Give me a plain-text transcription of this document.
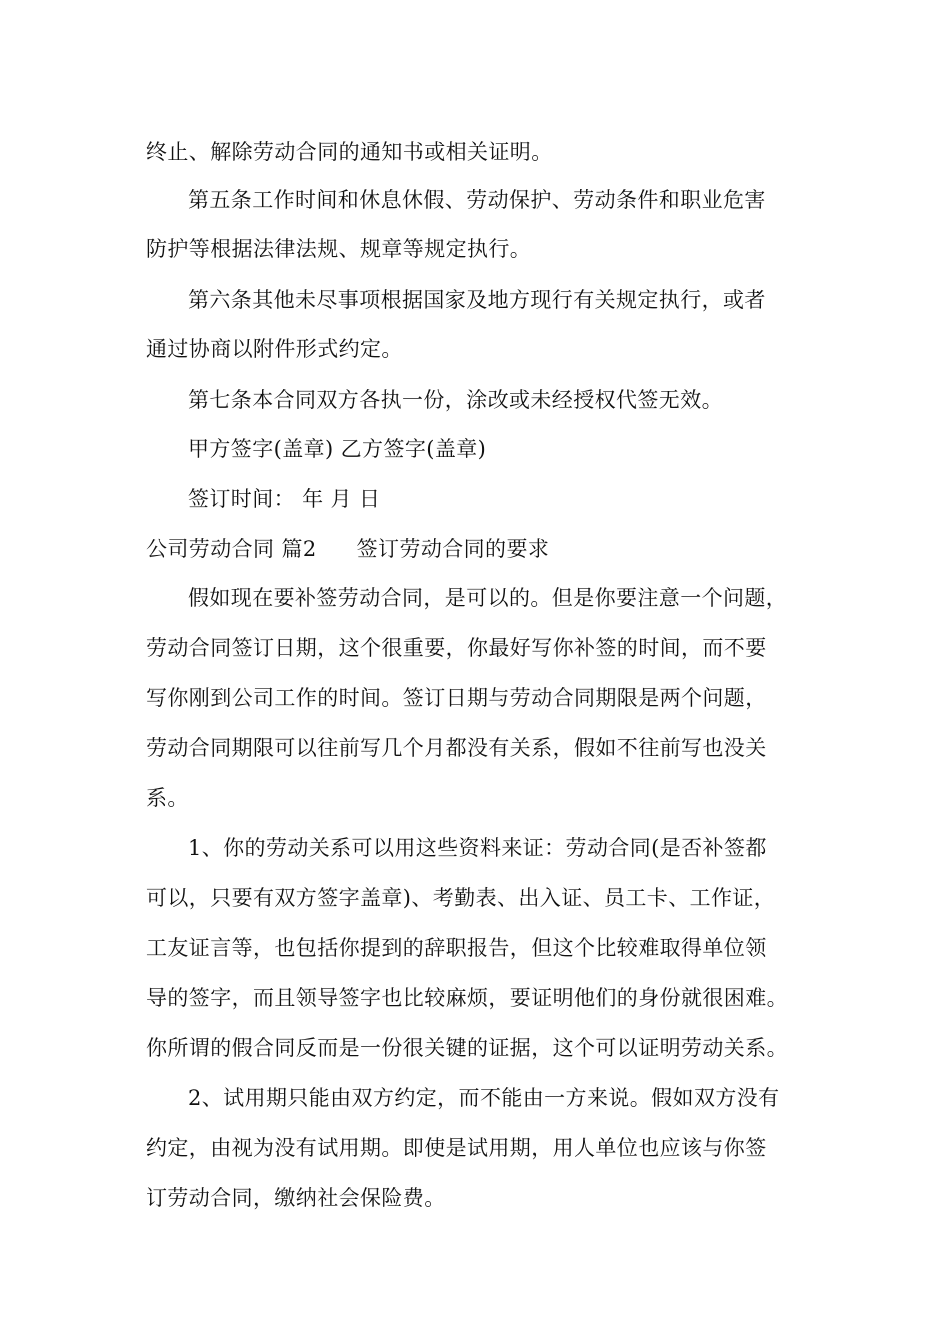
终止、解除劳动合同的通知书或相关证明。
第五条工作时间和休息休假、劳动保护、劳动条件和职业危害
防护等根据法律法规、规章等规定执行。
第六条其他未尽事项根据国家及地方现行有关规定执行，或者
通过协商以附件形式约定。
第七条本合同双方各执一份，涂改或未经授权代签无效。
甲方签字(盖章) 乙方签字(盖章)
签订时间： 年 月 日
公司劳动合同 篇2 签订劳动合同的要求
假如现在要补签劳动合同，是可以的。但是你要注意一个问题，
劳动合同签订日期，这个很重要，你最好写你补签的时间，而不要
写你刚到公司工作的时间。签订日期与劳动合同期限是两个问题，
劳动合同期限可以往前写几个月都没有关系，假如不往前写也没关
系。
1、你的劳动关系可以用这些资料来证：劳动合同(是否补签都
可以，只要有双方签字盖章)、考勤表、出入证、员工卡、工作证，
工友证言等，也包括你提到的辞职报告，但这个比较难取得单位领
导的签字，而且领导签字也比较麻烦，要证明他们的身份就很困难。
你所谓的假合同反而是一份很关键的证据，这个可以证明劳动关系。
2、试用期只能由双方约定，而不能由一方来说。假如双方没有
约定，由视为没有试用期。即使是试用期，用人单位也应该与你签
订劳动合同，缴纳社会保险费。
